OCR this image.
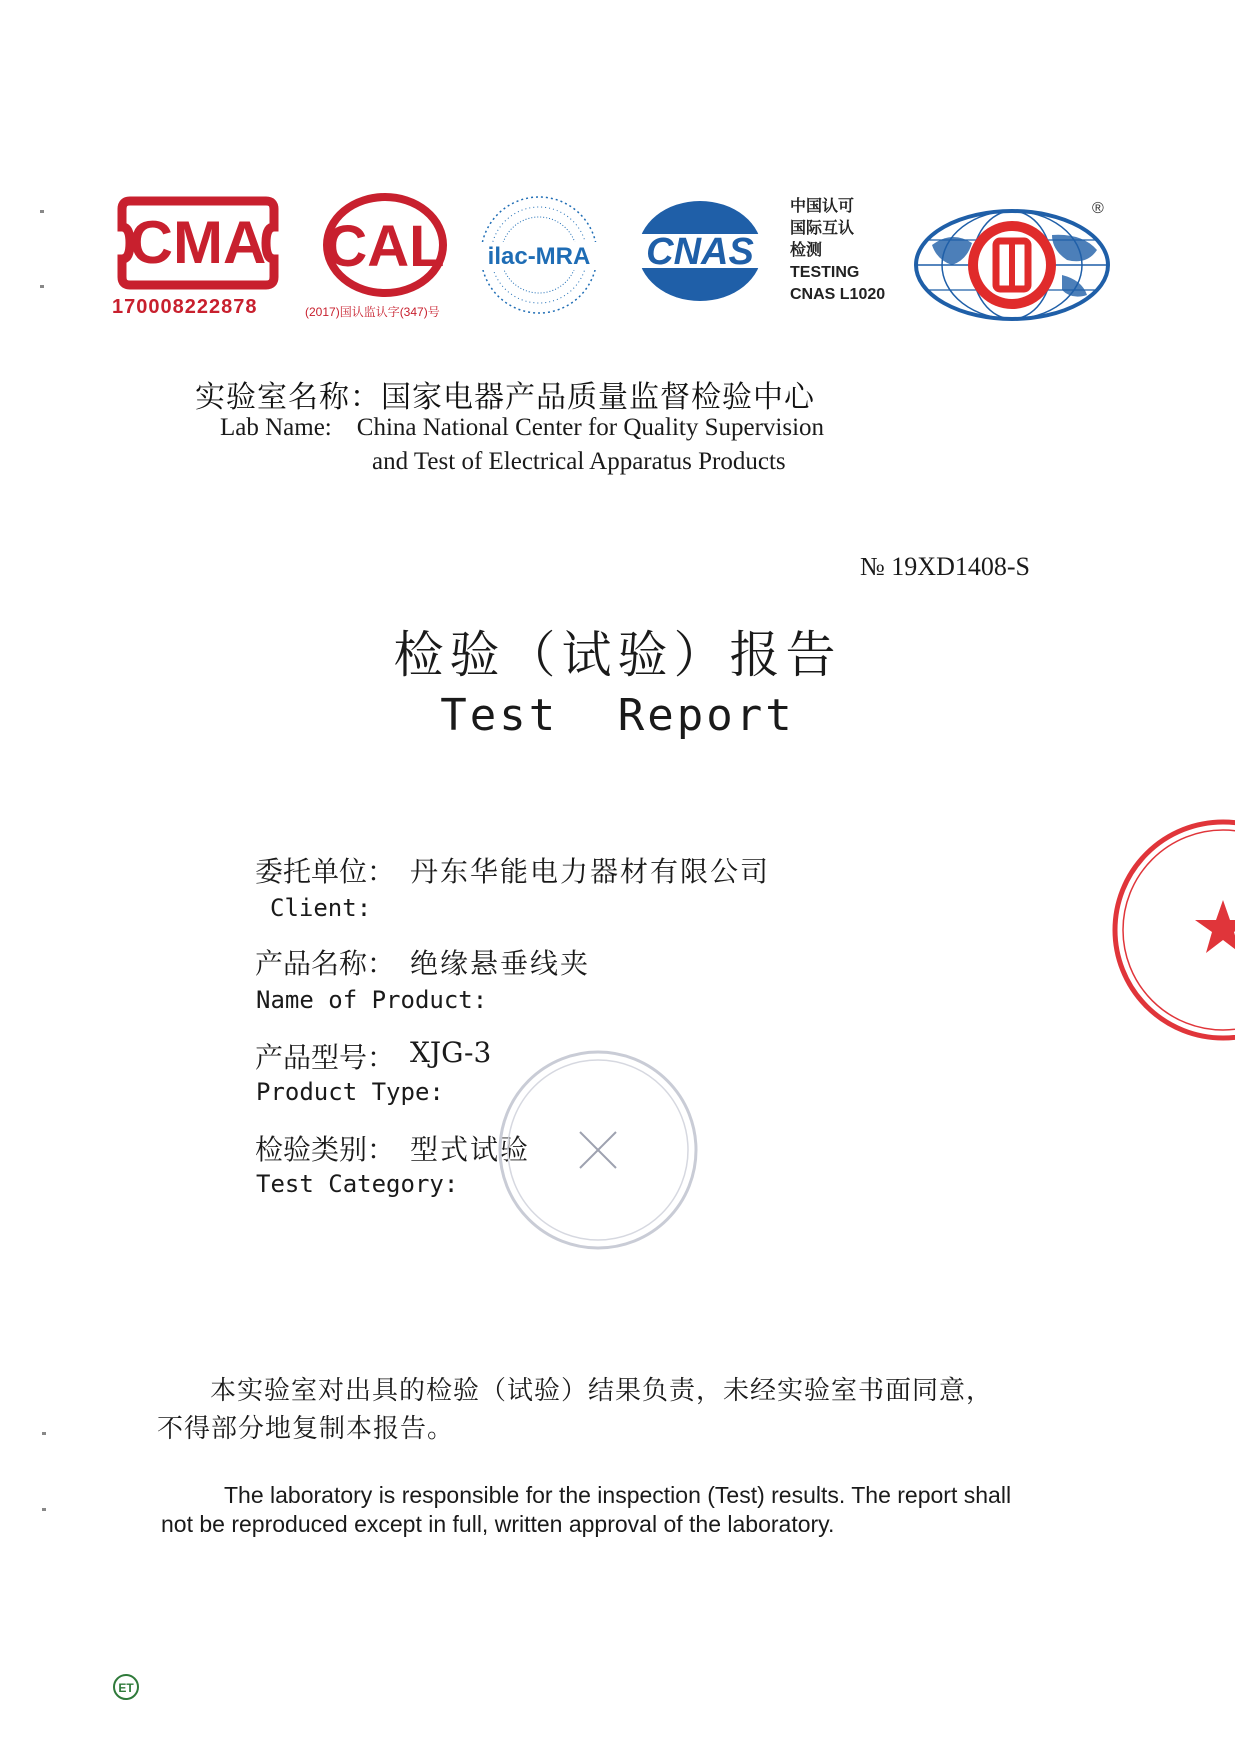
CMA
170008222878
CAL
(2017)国认监认字(347)号
ilac-MRA CNAS
中国认可
国际互认
检测
TESTING
CNAS L1020
®
实验室名称：国家电器产品质量监督检验中心
Lab Name: China National Center for Quality Supervision
and Test of Electrical Apparatus Products
№ 19XD1408-S
检验（试验）报告
Test Report
委托单位： 丹东华能电力器材有限公司
Client:
产品名称： 绝缘悬垂线夹
Name of Product:
产品型号： XJG-3
Product Type:
检验类别： 型式试验
Test Category:
本实验室对出具的检验（试验）结果负责，未经实验室书面同意，
不得部分地复制本报告。
The laboratory is responsible for the inspection (Test) results. The report shall
not be reproduced except in full, written approval of the laboratory.
ET
